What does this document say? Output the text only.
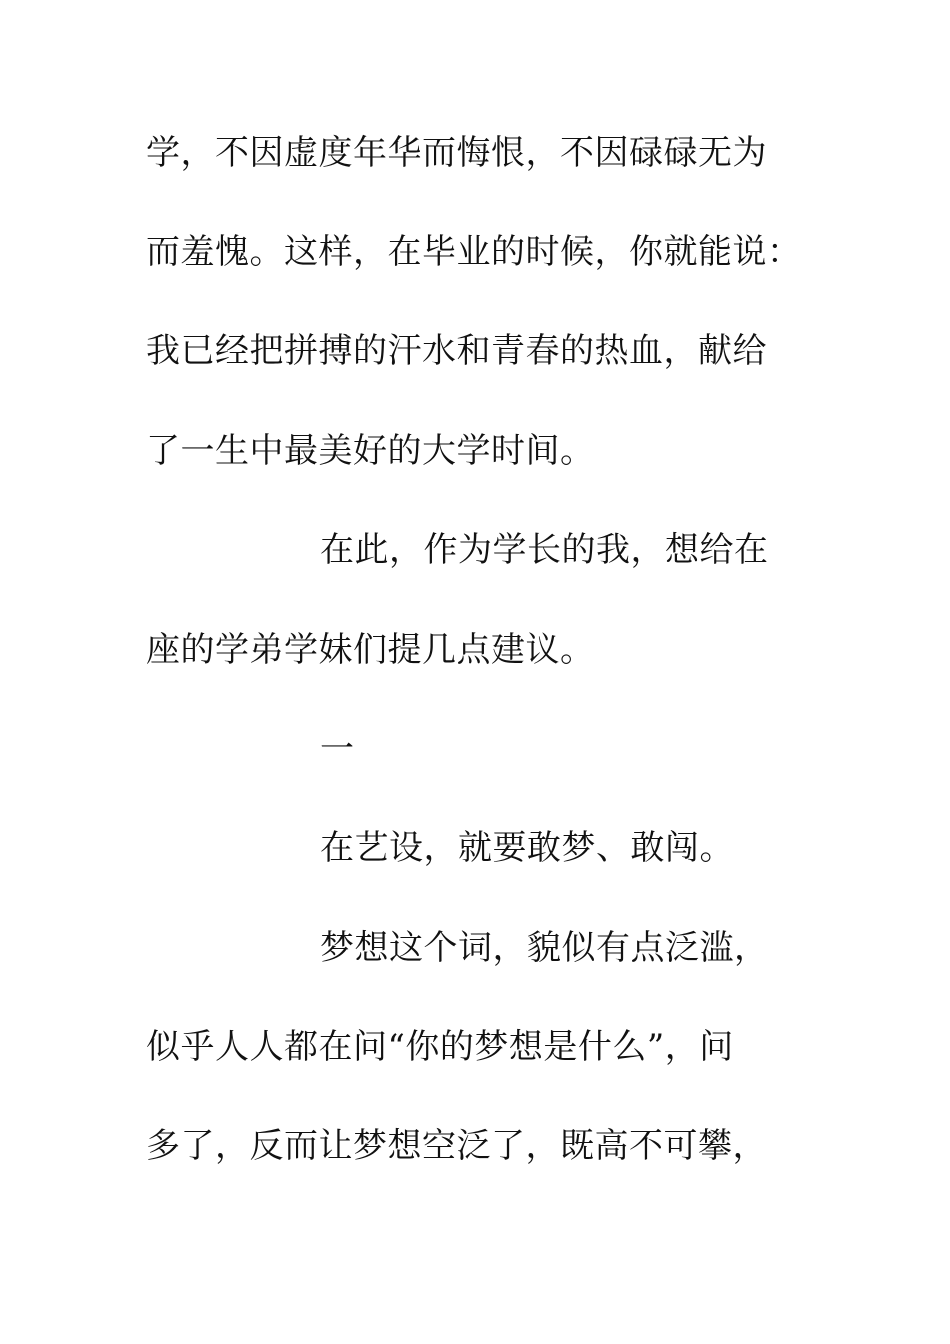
学，不因虚度年华而悔恨，不因碌碌无为
而羞愧。这样，在毕业的时候，你就能说：
我已经把拼搏的汗水和青春的热血，献给
了一生中最美好的大学时间。
在此，作为学长的我，想给在
座的学弟学妹们提几点建议。
一
在艺设，就要敢梦、敢闯。
梦想这个词，貌似有点泛滥，
似乎人人都在问“你的梦想是什么”，问
多了，反而让梦想空泛了，既高不可攀，
